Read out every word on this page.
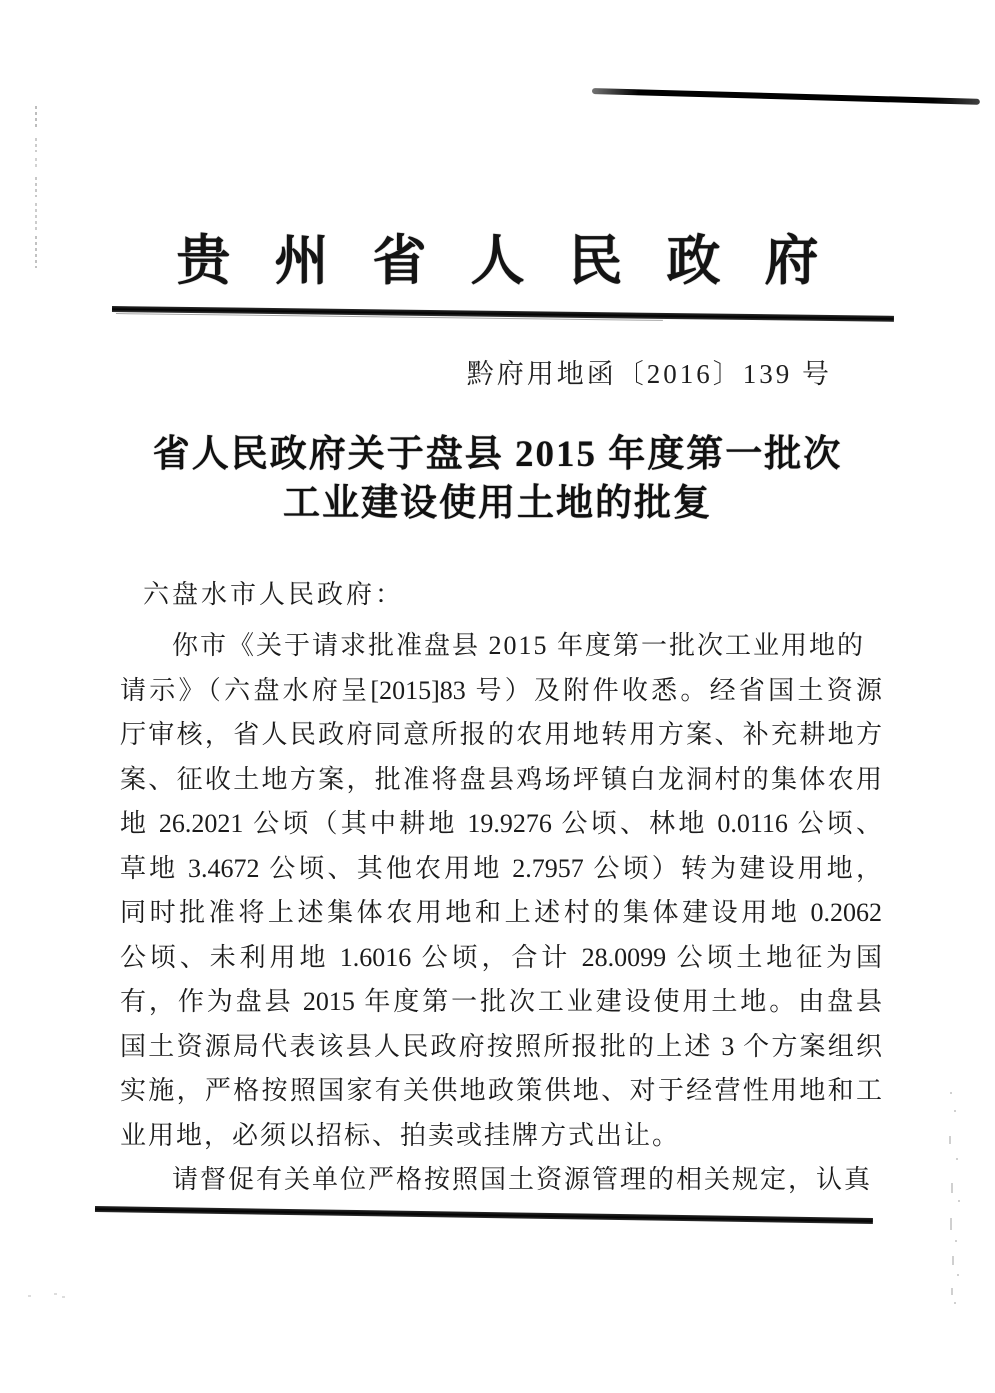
贵州省人民政府
黔府用地函〔2016〕139 号
省人民政府关于盘县 2015 年度第一批次
工业建设使用土地的批复
六盘水市人民政府：
你市《关于请求批准盘县 2015 年度第一批次工业用地的
请示》（六盘水府呈[2015]83 号）及附件收悉。经省国土资源
厅审核，省人民政府同意所报的农用地转用方案、补充耕地方
案、征收土地方案，批准将盘县鸡场坪镇白龙洞村的集体农用
地 26.2021 公顷（其中耕地 19.9276 公顷、林地 0.0116 公顷、
草地 3.4672 公顷、其他农用地 2.7957 公顷）转为建设用地，
同时批准将上述集体农用地和上述村的集体建设用地 0.2062
公顷、未利用地 1.6016 公顷，合计 28.0099 公顷土地征为国
有，作为盘县 2015 年度第一批次工业建设使用土地。由盘县
国土资源局代表该县人民政府按照所报批的上述 3 个方案组织
实施，严格按照国家有关供地政策供地、对于经营性用地和工
业用地，必须以招标、拍卖或挂牌方式出让。
请督促有关单位严格按照国土资源管理的相关规定，认真
